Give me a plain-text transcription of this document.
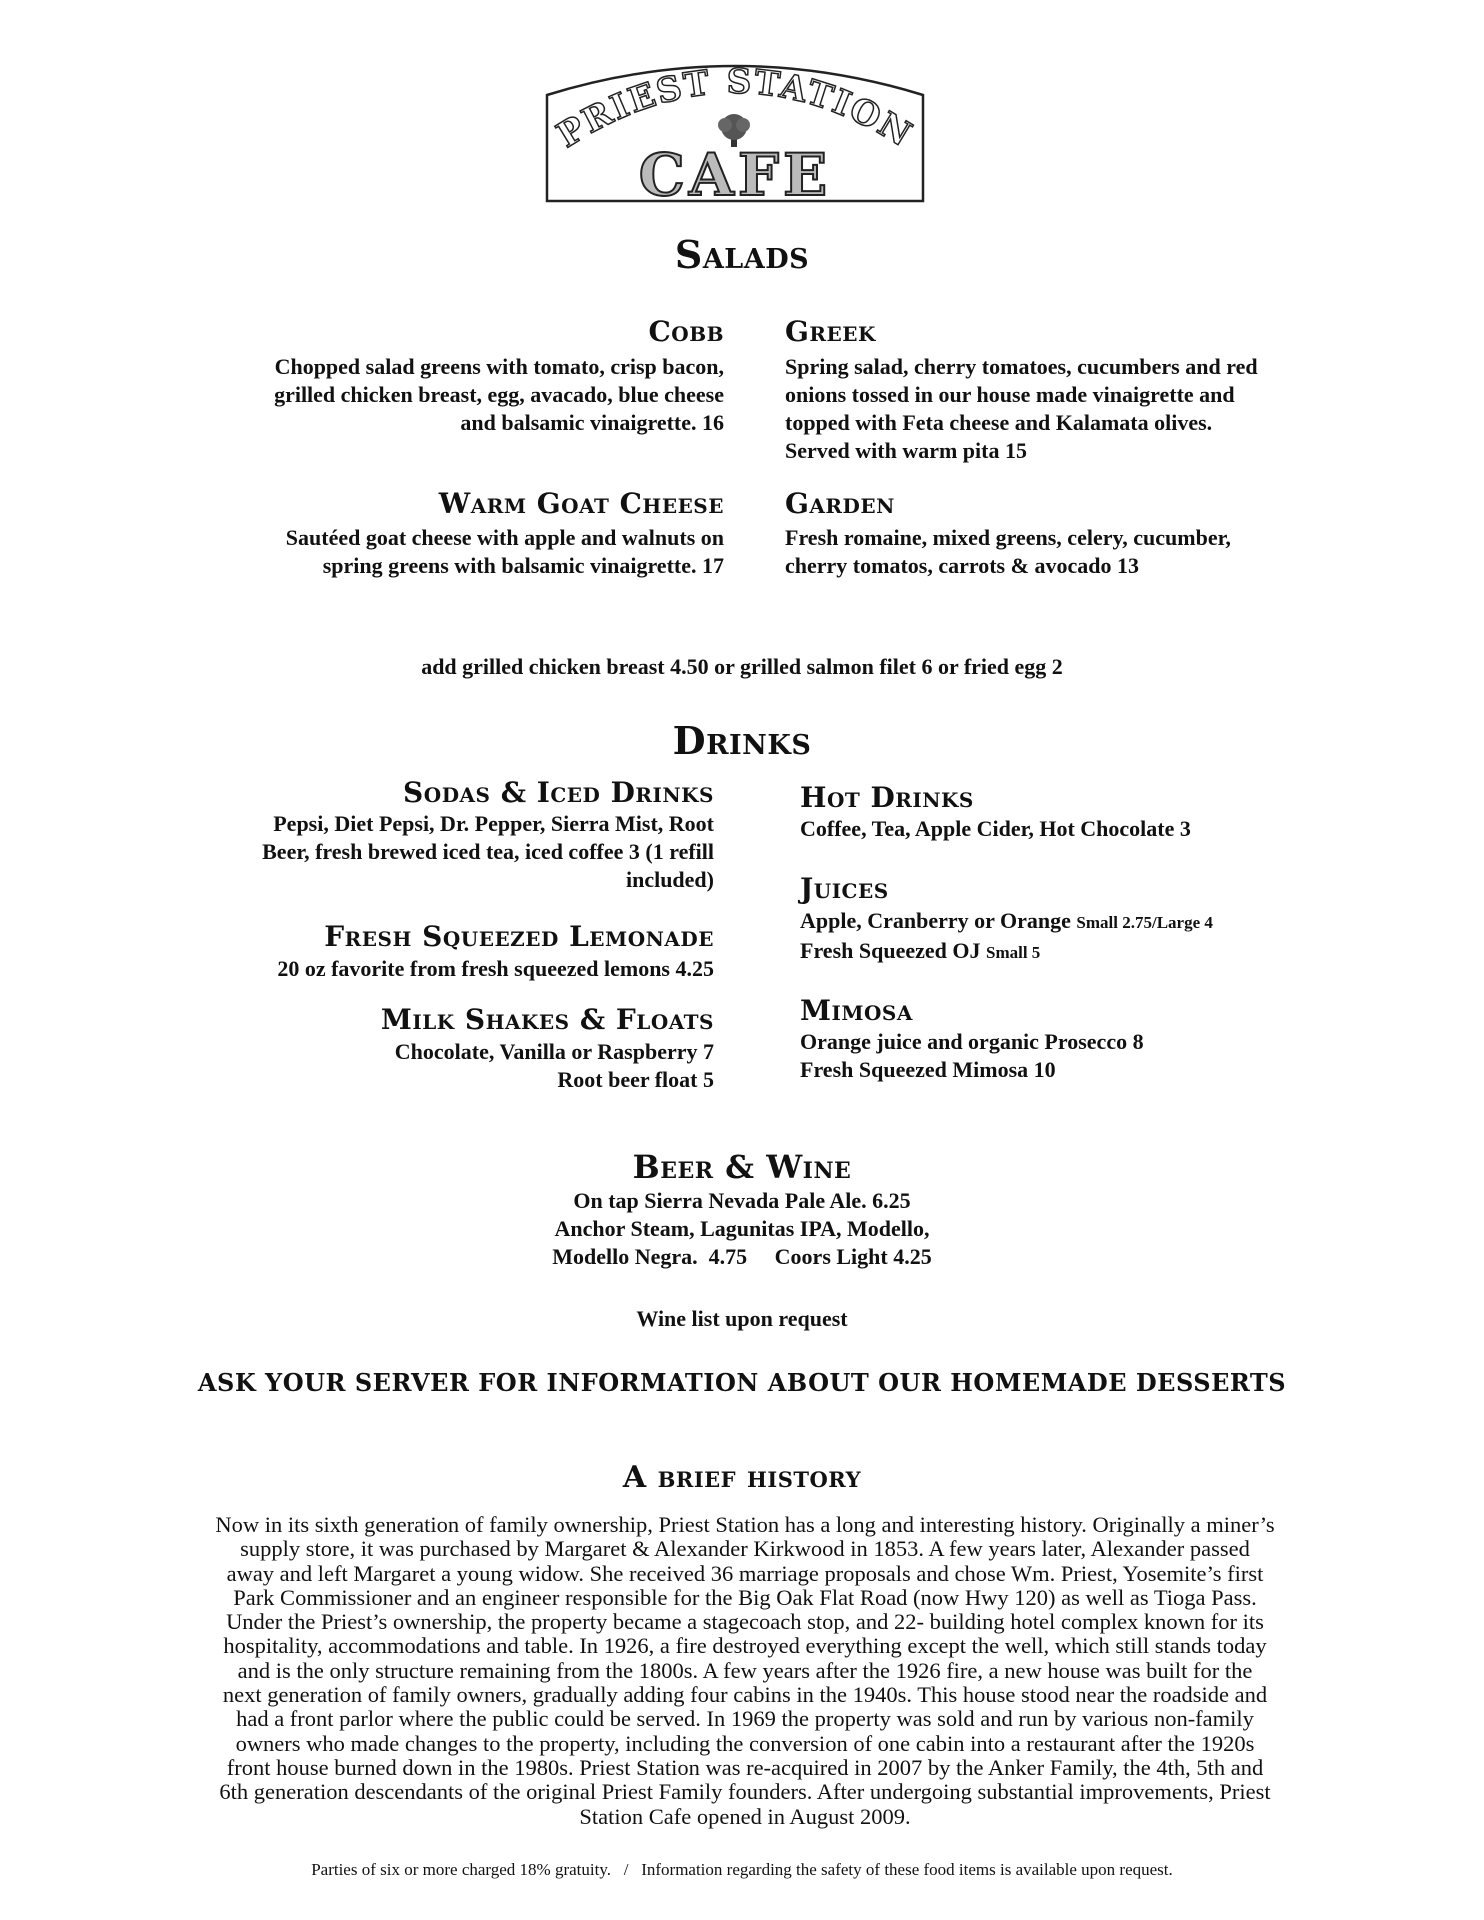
PRIEST STATION
CAFE
Salads
Cobb
Chopped salad greens with tomato, crisp bacon,
grilled chicken breast, egg, avacado, blue cheese
and balsamic vinaigrette. 16
Greek
Spring salad, cherry tomatoes, cucumbers and red
onions tossed in our house made vinaigrette and
topped with Feta cheese and Kalamata olives.
Served with warm pita 15
Warm Goat Cheese
Sautéed goat cheese with apple and walnuts on
spring greens with balsamic vinaigrette. 17
Garden
Fresh romaine, mixed greens, celery, cucumber,
cherry tomatos, carrots & avocado 13
add grilled chicken breast 4.50 or grilled salmon filet 6 or fried egg 2
Drinks
Sodas & Iced Drinks
Pepsi, Diet Pepsi, Dr. Pepper, Sierra Mist, Root
Beer, fresh brewed iced tea, iced coffee 3 (1 refill
included)
Fresh Squeezed Lemonade
20 oz favorite from fresh squeezed lemons 4.25
Milk Shakes & Floats
Chocolate, Vanilla or Raspberry 7
Root beer float 5
Hot Drinks
Coffee, Tea, Apple Cider, Hot Chocolate 3
Juices
Apple, Cranberry or Orange Small 2.75/Large 4
Fresh Squeezed OJ Small 5
Mimosa
Orange juice and organic Prosecco 8
Fresh Squeezed Mimosa 10
Beer & Wine
On tap Sierra Nevada Pale Ale. 6.25
Anchor Steam, Lagunitas IPA, Modello,
Modello Negra.  4.75     Coors Light 4.25
Wine list upon request
ASK YOUR SERVER FOR INFORMATION ABOUT OUR HOMEMADE DESSERTS
A brief history
Now in its sixth generation of family ownership, Priest Station has a long and interesting history. Originally a miner’s
supply store, it was purchased by Margaret & Alexander Kirkwood in 1853. A few years later, Alexander passed
away and left Margaret a young widow. She received 36 marriage proposals and chose Wm. Priest, Yosemite’s first
Park Commissioner and an engineer responsible for the Big Oak Flat Road (now Hwy 120) as well as Tioga Pass.
Under the Priest’s ownership, the property became a stagecoach stop, and 22- building hotel complex known for its
hospitality, accommodations and table. In 1926, a fire destroyed everything except the well, which still stands today
and is the only structure remaining from the 1800s. A few years after the 1926 fire, a new house was built for the
next generation of family owners, gradually adding four cabins in the 1940s. This house stood near the roadside and
had a front parlor where the public could be served. In 1969 the property was sold and run by various non-family
owners who made changes to the property, including the conversion of one cabin into a restaurant after the 1920s
front house burned down in the 1980s. Priest Station was re-acquired in 2007 by the Anker Family, the 4th, 5th and
6th generation descendants of the original Priest Family founders. After undergoing substantial improvements, Priest
Station Cafe opened in August 2009.
Parties of six or more charged 18% gratuity.   /   Information regarding the safety of these food items is available upon request.
